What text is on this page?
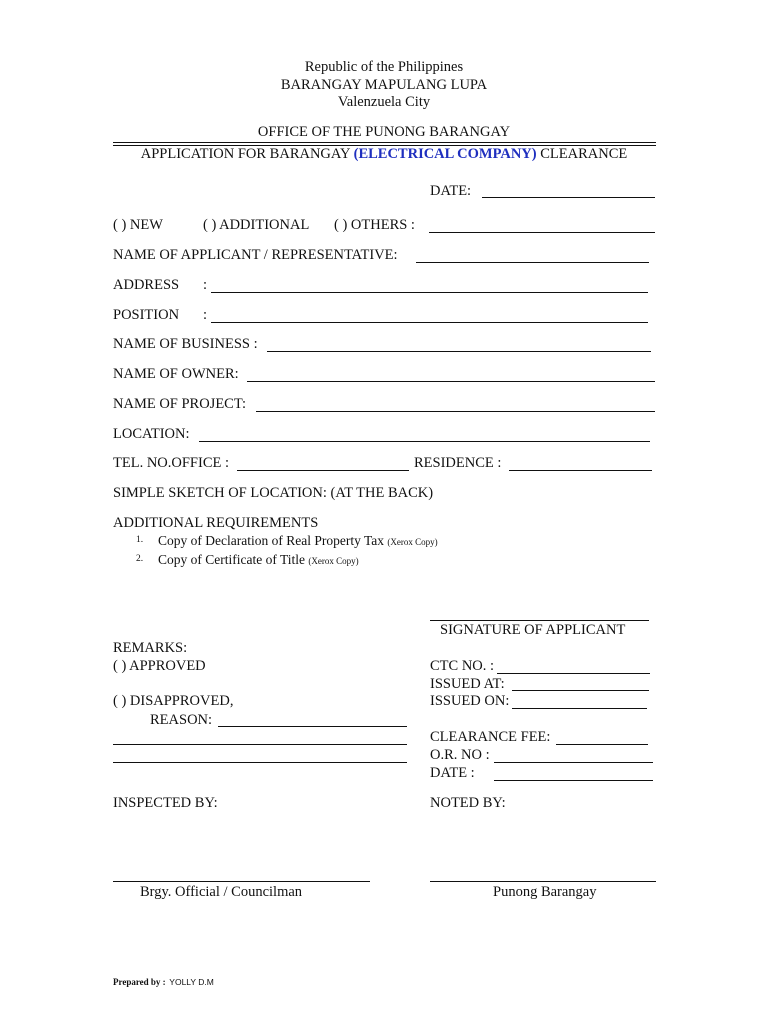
Republic of the Philippines
BARANGAY MAPULANG LUPA
Valenzuela City
OFFICE OF THE PUNONG BARANGAY
APPLICATION FOR BARANGAY (ELECTRICAL COMPANY) CLEARANCE
DATE:
( ) NEW	( ) ADDITIONAL ( ) OTHERS :
NAME OF APPLICANT / REPRESENTATIVE:
ADDRESS :
POSITION :
NAME OF BUSINESS :
NAME OF OWNER:
NAME OF PROJECT:
LOCATION:
TEL. NO.OFFICE :	RESIDENCE :
SIMPLE SKETCH OF LOCATION: (AT THE BACK)
ADDITIONAL REQUIREMENTS
1. Copy of Declaration of Real Property Tax (Xerox Copy)
2. Copy of Certificate of Title (Xerox Copy)
SIGNATURE OF APPLICANT
REMARKS:
( ) APPROVED
( ) DISAPPROVED,
REASON:
CTC NO. :
ISSUED AT:
ISSUED ON:
CLEARANCE FEE:
O.R. NO :
DATE :
INSPECTED BY:	NOTED BY:
Brgy. Official / Councilman	Punong Barangay
Prepared by : YOLLY D.M
